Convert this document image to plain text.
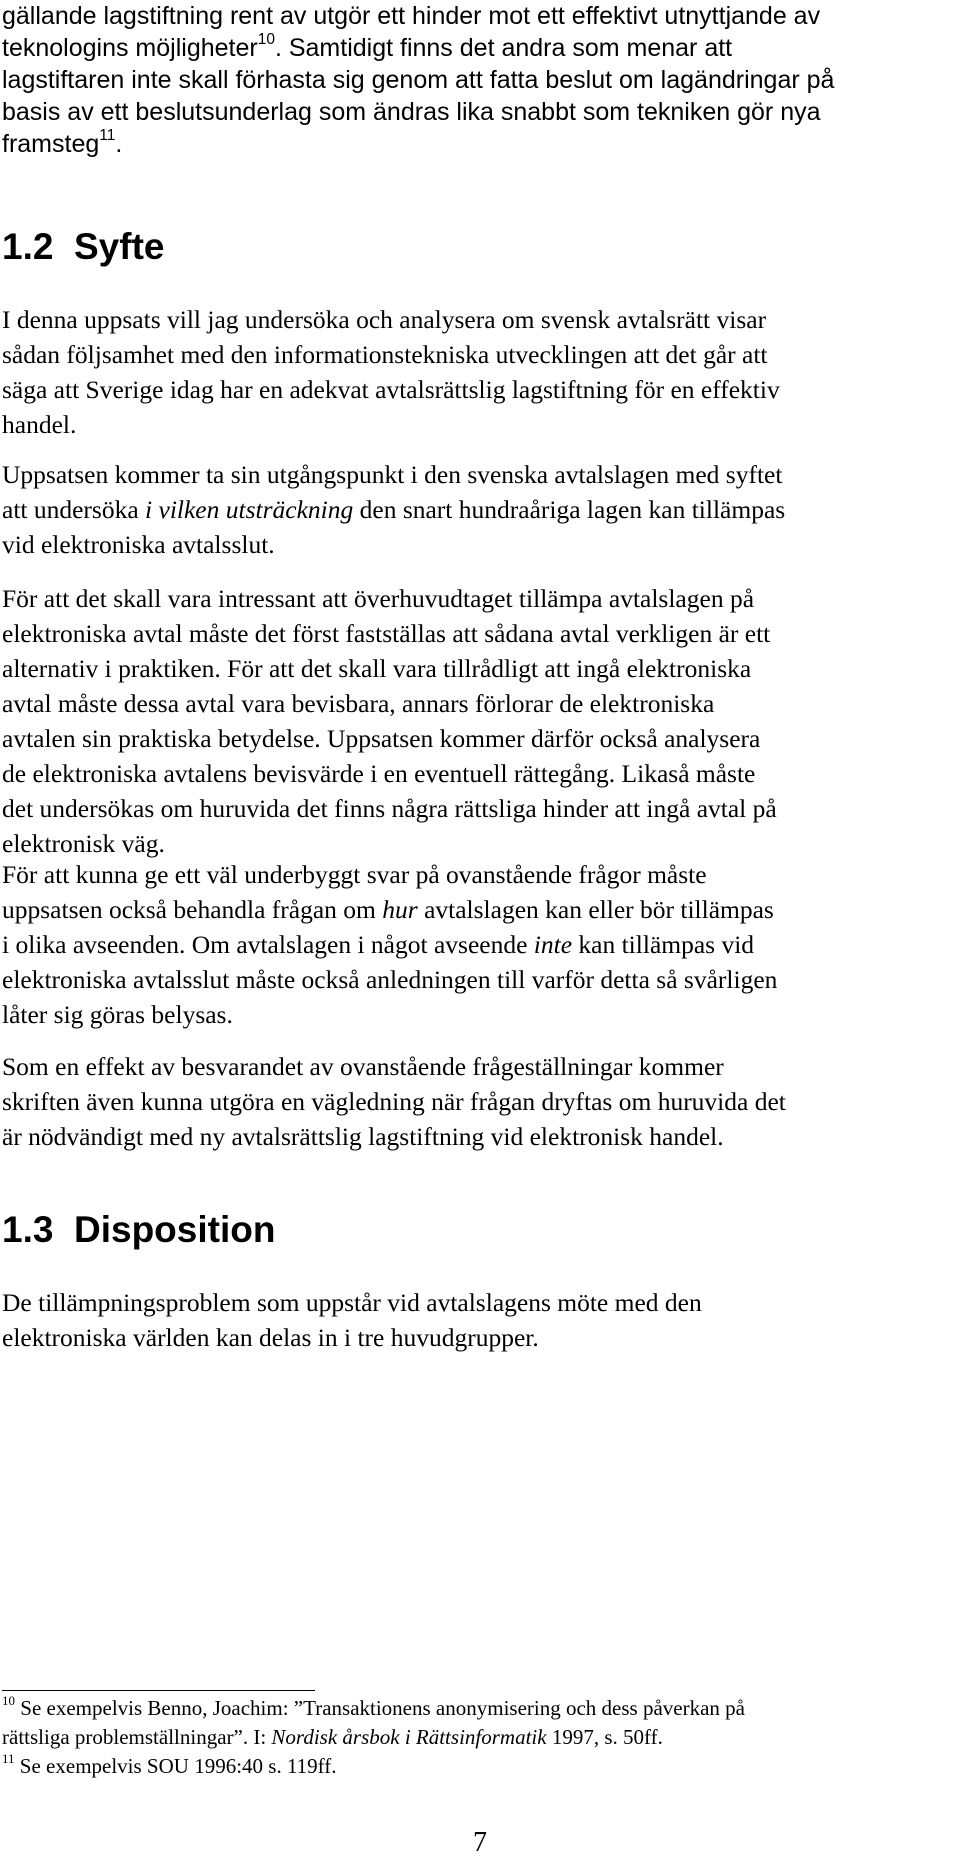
gällande lagstiftning rent av utgör ett hinder mot ett effektivt utnyttjande av
teknologins möjligheter$^{10}$. Samtidigt finns det andra som menar att
lagstiftaren inte skall förhasta sig genom att fatta beslut om lagändringar på
basis av ett beslutsunderlag som ändras lika snabbt som tekniken gör nya
framsteg$^{11}$.

1.2 Syfte

I denna uppsats vill jag undersöka och analysera om svensk avtalsrätt visar
sådan följsamhet med den informationstekniska utvecklingen att det går att
säga att Sverige idag har en adekvat avtalsrättslig lagstiftning för en effektiv
handel.

Uppsatsen kommer ta sin utgångspunkt i den svenska avtalslagen med syftet
att undersöka i vilken utsträckning den snart hundraåriga lagen kan tillämpas
vid elektroniska avtalsslut.

För att det skall vara intressant att överhuvudtaget tillämpa avtalslagen på
elektroniska avtal måste det först fastställas att sådana avtal verkligen är ett
alternativ i praktiken. För att det skall vara tillrådligt att ingå elektroniska
avtal måste dessa avtal vara bevisbara, annars förlorar de elektroniska
avtalen sin praktiska betydelse. Uppsatsen kommer därför också analysera
de elektroniska avtalens bevisvärde i en eventuell rättegång. Likaså måste
det undersökas om huruvida det finns några rättsliga hinder att ingå avtal på
elektronisk väg.

För att kunna ge ett väl underbyggt svar på ovanstående frågor måste
uppsatsen också behandla frågan om hur avtalslagen kan eller bör tillämpas
i olika avseenden. Om avtalslagen i något avseende inte kan tillämpas vid
elektroniska avtalsslut måste också anledningen till varför detta så svårligen
låter sig göras belysas.

Som en effekt av besvarandet av ovanstående frågeställningar kommer
skriften även kunna utgöra en vägledning när frågan dryftas om huruvida det
är nödvändigt med ny avtalsrättslig lagstiftning vid elektronisk handel.

1.3 Disposition

De tillämpningsproblem som uppstår vid avtalslagens möte med den
elektroniska världen kan delas in i tre huvudgrupper.

$^{10}$ Se exempelvis Benno, Joachim: ”Transaktionens anonymisering och dess påverkan på
rättsliga problemställningar”. I: Nordisk årsbok i Rättsinformatik 1997, s. 50ff.
$^{11}$ Se exempelvis SOU 1996:40 s. 119ff.
7
